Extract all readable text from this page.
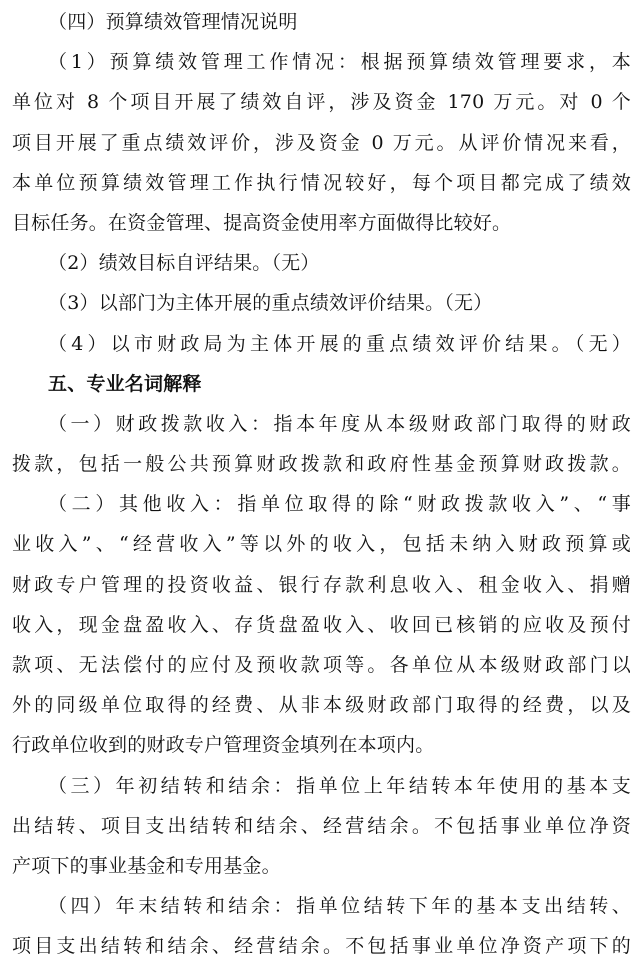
（四）预算绩效管理情况说明
（1）预算绩效管理工作情况：根据预算绩效管理要求，本
单位对 8 个项目开展了绩效自评，涉及资金 170 万元。对 0 个
项目开展了重点绩效评价，涉及资金 0 万元。从评价情况来看，
本单位预算绩效管理工作执行情况较好，每个项目都完成了绩效
目标任务。在资金管理、提高资金使用率方面做得比较好。
（2）绩效目标自评结果。（无）
（3）以部门为主体开展的重点绩效评价结果。（无）
（4）以市财政局为主体开展的重点绩效评价结果。（无）
五、专业名词解释
（一）财政拨款收入：指本年度从本级财政部门取得的财政
拨款，包括一般公共预算财政拨款和政府性基金预算财政拨款。
（二）其他收入：指单位取得的除“财政拨款收入”、“事
业收入”、“经营收入”等以外的收入，包括未纳入财政预算或
财政专户管理的投资收益、银行存款利息收入、租金收入、捐赠
收入，现金盘盈收入、存货盘盈收入、收回已核销的应收及预付
款项、无法偿付的应付及预收款项等。各单位从本级财政部门以
外的同级单位取得的经费、从非本级财政部门取得的经费，以及
行政单位收到的财政专户管理资金填列在本项内。
（三）年初结转和结余：指单位上年结转本年使用的基本支
出结转、项目支出结转和结余、经营结余。不包括事业单位净资
产项下的事业基金和专用基金。
（四）年末结转和结余：指单位结转下年的基本支出结转、
项目支出结转和结余、经营结余。不包括事业单位净资产项下的
